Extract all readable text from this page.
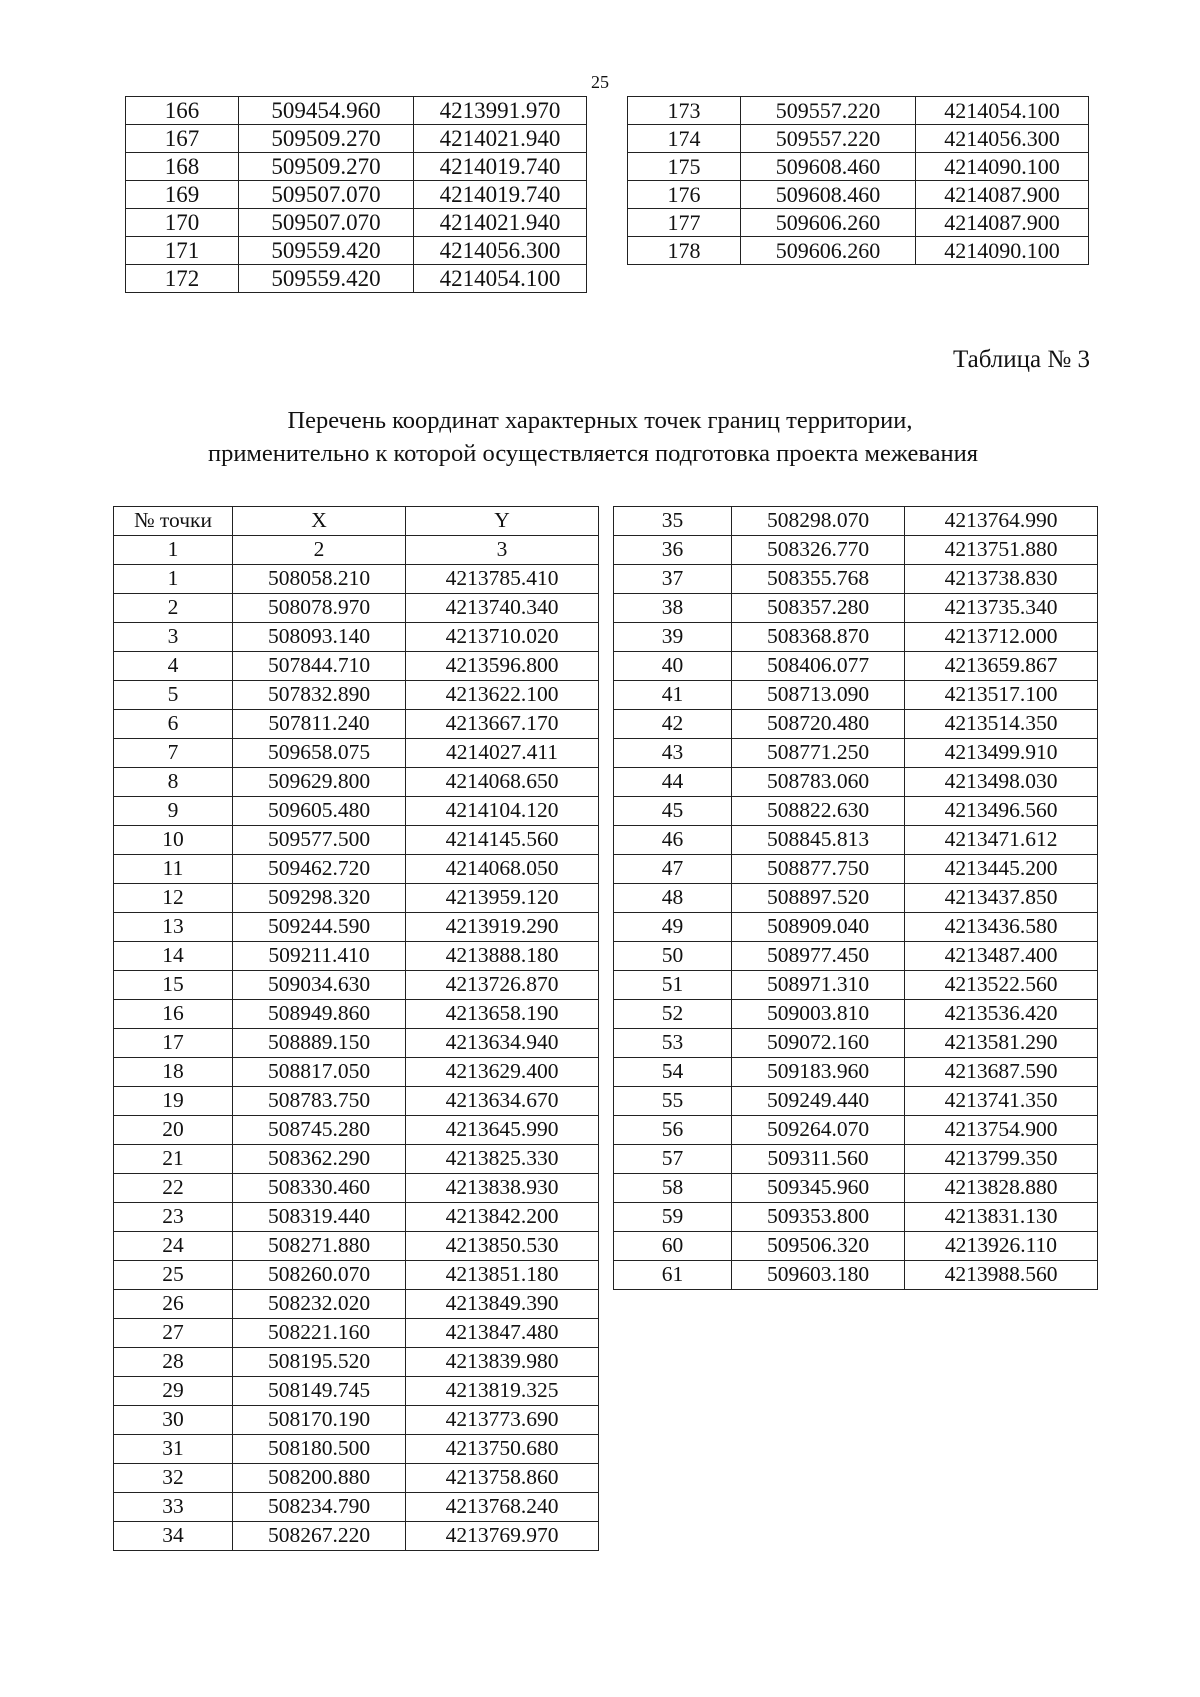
25
166	509454.960	4213991.970
167	509509.270	4214021.940
168	509509.270	4214019.740
169	509507.070	4214019.740
170	509507.070	4214021.940
171	509559.420	4214056.300
172	509559.420	4214054.100
173	509557.220	4214054.100
174	509557.220	4214056.300
175	509608.460	4214090.100
176	509608.460	4214087.900
177	509606.260	4214087.900
178	509606.260	4214090.100
Таблица № 3
Перечень координат характерных точек границ территории,
применительно к которой осуществляется подготовка проекта межевания
№ точки	X	Y
1	2	3
1	508058.210	4213785.410
2	508078.970	4213740.340
3	508093.140	4213710.020
4	507844.710	4213596.800
5	507832.890	4213622.100
6	507811.240	4213667.170
7	509658.075	4214027.411
8	509629.800	4214068.650
9	509605.480	4214104.120
10	509577.500	4214145.560
11	509462.720	4214068.050
12	509298.320	4213959.120
13	509244.590	4213919.290
14	509211.410	4213888.180
15	509034.630	4213726.870
16	508949.860	4213658.190
17	508889.150	4213634.940
18	508817.050	4213629.400
19	508783.750	4213634.670
20	508745.280	4213645.990
21	508362.290	4213825.330
22	508330.460	4213838.930
23	508319.440	4213842.200
24	508271.880	4213850.530
25	508260.070	4213851.180
26	508232.020	4213849.390
27	508221.160	4213847.480
28	508195.520	4213839.980
29	508149.745	4213819.325
30	508170.190	4213773.690
31	508180.500	4213750.680
32	508200.880	4213758.860
33	508234.790	4213768.240
34	508267.220	4213769.970
35	508298.070	4213764.990
36	508326.770	4213751.880
37	508355.768	4213738.830
38	508357.280	4213735.340
39	508368.870	4213712.000
40	508406.077	4213659.867
41	508713.090	4213517.100
42	508720.480	4213514.350
43	508771.250	4213499.910
44	508783.060	4213498.030
45	508822.630	4213496.560
46	508845.813	4213471.612
47	508877.750	4213445.200
48	508897.520	4213437.850
49	508909.040	4213436.580
50	508977.450	4213487.400
51	508971.310	4213522.560
52	509003.810	4213536.420
53	509072.160	4213581.290
54	509183.960	4213687.590
55	509249.440	4213741.350
56	509264.070	4213754.900
57	509311.560	4213799.350
58	509345.960	4213828.880
59	509353.800	4213831.130
60	509506.320	4213926.110
61	509603.180	4213988.560
